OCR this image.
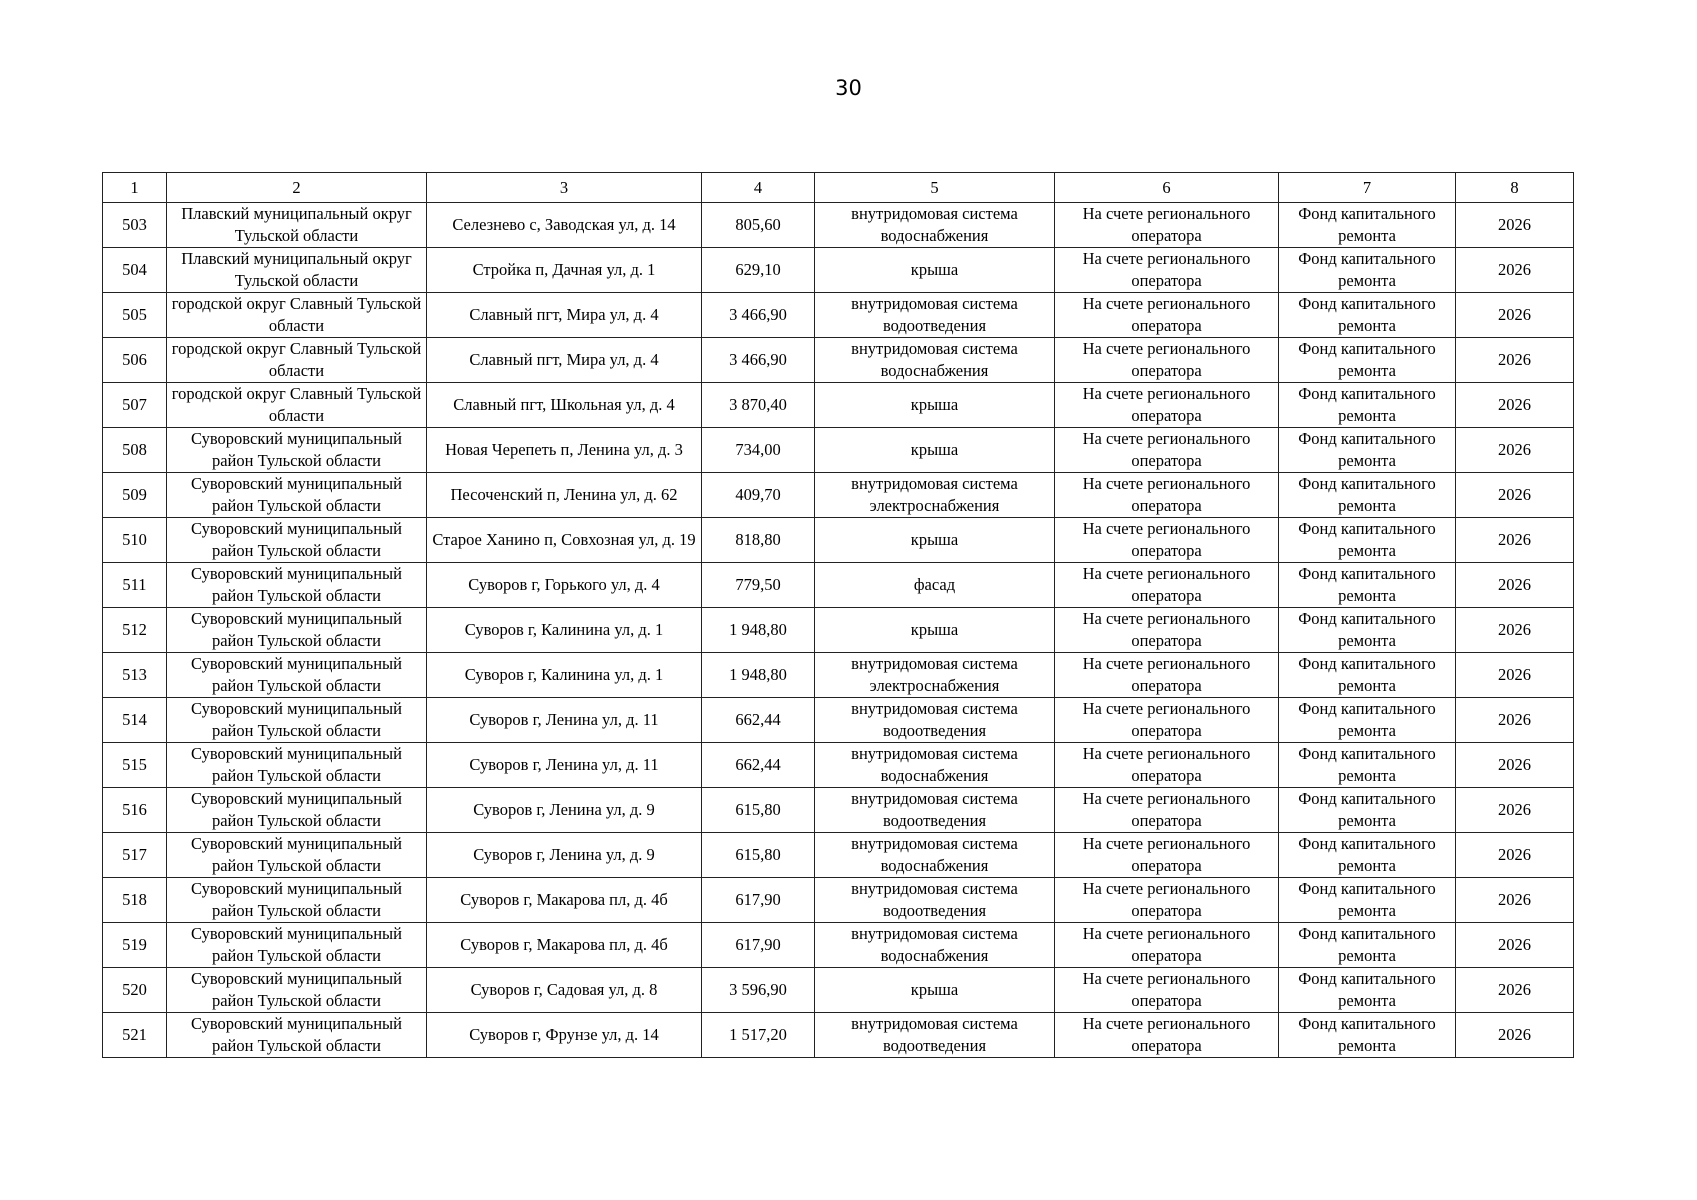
30
1	2	3	4	5	6	7	8
503	Плавский муниципальный округ Тульской области	Селезнево с, Заводская ул, д. 14	805,60	внутридомовая система водоснабжения	На счете регионального оператора	Фонд капитального ремонта	2026
504	Плавский муниципальный округ Тульской области	Стройка п, Дачная ул, д. 1	629,10	крыша	На счете регионального оператора	Фонд капитального ремонта	2026
505	городской округ Славный Тульской области	Славный пгт, Мира ул, д. 4	3 466,90	внутридомовая система водоотведения	На счете регионального оператора	Фонд капитального ремонта	2026
506	городской округ Славный Тульской области	Славный пгт, Мира ул, д. 4	3 466,90	внутридомовая система водоснабжения	На счете регионального оператора	Фонд капитального ремонта	2026
507	городской округ Славный Тульской области	Славный пгт, Школьная ул, д. 4	3 870,40	крыша	На счете регионального оператора	Фонд капитального ремонта	2026
508	Суворовский муниципальный район Тульской области	Новая Черепеть п, Ленина ул, д. 3	734,00	крыша	На счете регионального оператора	Фонд капитального ремонта	2026
509	Суворовский муниципальный район Тульской области	Песоченский п, Ленина ул, д. 62	409,70	внутридомовая система электроснабжения	На счете регионального оператора	Фонд капитального ремонта	2026
510	Суворовский муниципальный район Тульской области	Старое Ханино п, Совхозная ул, д. 19	818,80	крыша	На счете регионального оператора	Фонд капитального ремонта	2026
511	Суворовский муниципальный район Тульской области	Суворов г, Горького ул, д. 4	779,50	фасад	На счете регионального оператора	Фонд капитального ремонта	2026
512	Суворовский муниципальный район Тульской области	Суворов г, Калинина ул, д. 1	1 948,80	крыша	На счете регионального оператора	Фонд капитального ремонта	2026
513	Суворовский муниципальный район Тульской области	Суворов г, Калинина ул, д. 1	1 948,80	внутридомовая система электроснабжения	На счете регионального оператора	Фонд капитального ремонта	2026
514	Суворовский муниципальный район Тульской области	Суворов г, Ленина ул, д. 11	662,44	внутридомовая система водоотведения	На счете регионального оператора	Фонд капитального ремонта	2026
515	Суворовский муниципальный район Тульской области	Суворов г, Ленина ул, д. 11	662,44	внутридомовая система водоснабжения	На счете регионального оператора	Фонд капитального ремонта	2026
516	Суворовский муниципальный район Тульской области	Суворов г, Ленина ул, д. 9	615,80	внутридомовая система водоотведения	На счете регионального оператора	Фонд капитального ремонта	2026
517	Суворовский муниципальный район Тульской области	Суворов г, Ленина ул, д. 9	615,80	внутридомовая система водоснабжения	На счете регионального оператора	Фонд капитального ремонта	2026
518	Суворовский муниципальный район Тульской области	Суворов г, Макарова пл, д. 4б	617,90	внутридомовая система водоотведения	На счете регионального оператора	Фонд капитального ремонта	2026
519	Суворовский муниципальный район Тульской области	Суворов г, Макарова пл, д. 4б	617,90	внутридомовая система водоснабжения	На счете регионального оператора	Фонд капитального ремонта	2026
520	Суворовский муниципальный район Тульской области	Суворов г, Садовая ул, д. 8	3 596,90	крыша	На счете регионального оператора	Фонд капитального ремонта	2026
521	Суворовский муниципальный район Тульской области	Суворов г, Фрунзе ул, д. 14	1 517,20	внутридомовая система водоотведения	На счете регионального оператора	Фонд капитального ремонта	2026
